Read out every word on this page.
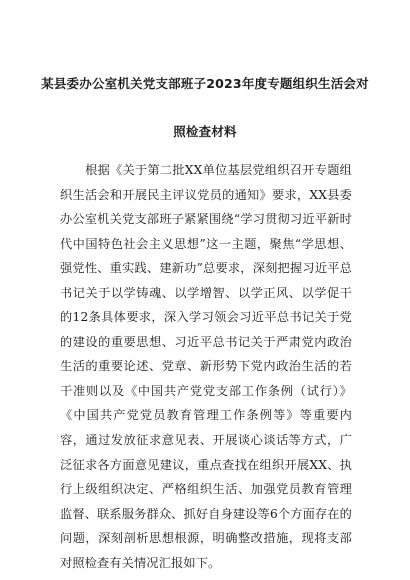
某县委办公室机关党支部班子2023年度专题组织生活会对
照检查材料

根据《关于第二批XX单位基层党组织召开专题组织生活会和开展民主评议党员的通知》要求，XX县委办公室机关党支部班子紧紧围绕“学习贯彻习近平新时代中国特色社会主义思想”这一主题，聚焦“学思想、强党性、重实践、建新功”总要求，深刻把握习近平总书记关于以学铸魂、以学增智、以学正风、以学促干的12条具体要求，深入学习领会习近平总书记关于党的建设的重要思想、习近平总书记关于严肃党内政治生活的重要论述、党章、新形势下党内政治生活的若干准则以及《中国共产党党支部工作条例（试行）》《中国共产党党员教育管理工作条例等》等重要内容，通过发放征求意见表、开展谈心谈话等方式，广泛征求各方面意见建议，重点查找在组织开展XX、执行上级组织决定、严格组织生活、加强党员教育管理监督、联系服务群众、抓好自身建设等6个方面存在的问题，深刻剖析思想根源，明确整改措施，现将支部对照检查有关情况汇报如下。
